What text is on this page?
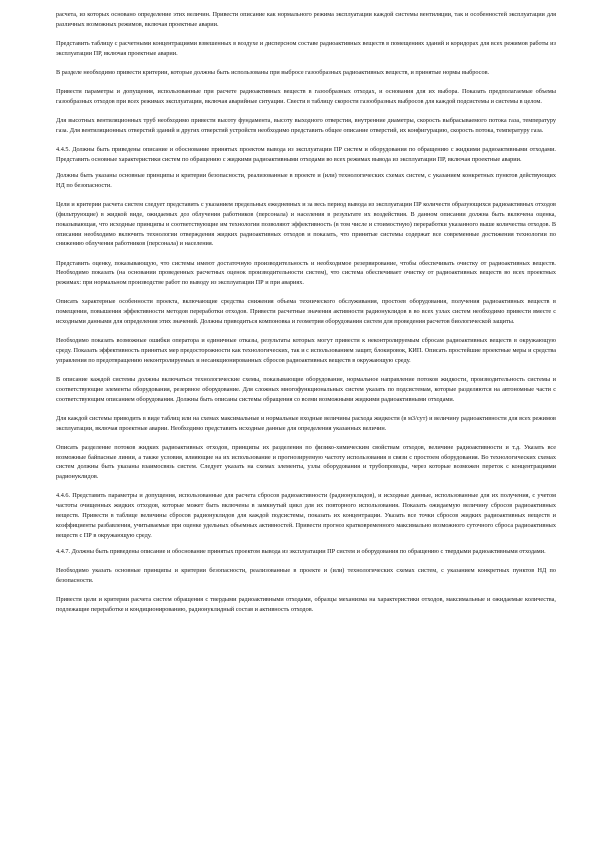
расчета, из которых основано определение этих величин. Привести описание как нормального режима эксплуатации каждой системы вентиляции, так и особенностей эксплуатации для различных возможных режимов, включая проектные аварии.

Представить таблицу с расчетными концентрациями взвешенных в воздухе и дисперсном составе радиоактивных веществ в помещениях зданий и коридорах для всех режимов работы из эксплуатации ПР, включая проектные аварии.

В разделе необходимо привести критерии, которые должны быть использованы при выбросе газообразных радиоактивных веществ, и принятые нормы выбросов.

Привести параметры и допущения, использованные при расчете радиоактивных веществ в газообразных отходах, и основания для их выбора. Показать предполагаемые объемы газообразных отходов при всех режимах эксплуатации, включая аварийные ситуации. Свести в таблицу скорости газообразных выбросов для каждой подсистемы и системы в целом.

Для высотных вентиляционных труб необходимо привести высоту фундамента, высоту выходного отверстия, внутренние диаметры, скорость выбрасываемого потока газа, температуру газа. Для вентиляционных отверстий зданий и других отверстий устройств необходимо представить общее описание отверстий, их конфигурацию, скорость потока, температуру газа.

4.4.5. Должны быть приведены описание и обоснование принятых проектом вывода из эксплуатации ПР систем и оборудования по обращению с жидкими радиоактивными отходами. Представить основные характеристики систем по обращению с жидкими радиоактивными отходами во всех режимах вывода из эксплуатации ПР, включая проектные аварии.

Должны быть указаны основные принципы и критерии безопасности, реализованные в проекте и (или) технологических схемах систем, с указанием конкретных пунктов действующих НД по безопасности.

Цели и критерии расчета систем следует представить с указанием предельных ежедневных и за весь период вывода из эксплуатации ПР количеств образующихся радиоактивных отходов (фильтрующие) в жидкой виде, ожидаемых доз облучения работников (персонала) и населения в результате их воздействия. В данном описании должна быть включена оценка, показывающая, что исходные принципы и соответствующие им технологии позволяют эффективность (в том числе и стоимостную) переработки указанного выше количества отходов. В описании необходимо включить технологии отверждения жидких радиоактивных отходов и показать, что принятые системы содержат все современные достижения технологии по снижению облучения работников (персонала) и населения.

Представить оценку, показывающую, что системы имеют достаточную производительность и необходимое резервирование, чтобы обеспечивать очистку от радиоактивных веществ. Необходимо показать (на основании проведенных расчетных оценок производительности систем), что система обеспечивает очистку от радиоактивных веществ во всех проектных режимах: при нормальном производстве работ по выводу из эксплуатации ПР и при авариях.

Описать характерные особенности проекта, включающие средства снижения объема технического обслуживания, простоев оборудования, получения радиоактивных веществ в помещении, повышения эффективности методов переработки отходов. Привести расчетные значения активности радионуклидов в во всех узлах систем необходимо привести вместе с исходными данными для определения этих значений. Должны приводиться компоновка и геометрия оборудования систем для проведения расчетов биологической защиты.

Необходимо показать возможные ошибки оператора и единичные отказы, результаты которых могут привести к неконтролируемым сбросам радиоактивных веществ в окружающую среду. Показать эффективность принятых мер предосторожности как технологических, так и с использованием защит, блокировок, КИП. Описать простейшие проектные меры и средства управления по предотвращению неконтролируемых и несанкционированных сбросов радиоактивных веществ в окружающую среду.

В описание каждой системы должны включаться технологические схемы, показывающие оборудование, нормальное направление потоков жидкости, производительность системы и соответствующие элементы оборудования, резервное оборудование. Для сложных многофункциональных систем указать по подсистемам, которые разделяются на автономные части с соответствующим описанием оборудования. Должны быть описаны системы обращения со всеми возможными жидкими радиоактивными отходами.

Для каждой системы приводить в виде таблиц или на схемах максимальные и нормальные входные величины расхода жидкости (в м3/сут) и величину радиоактивности для всех режимов эксплуатации, включая проектные аварии. Необходимо представить исходные данные для определения указанных величин.

Описать разделение потоков жидких радиоактивных отходов, принципы их разделения по физико-химическим свойствам отходов, величине радиоактивности и т.д. Указать все возможные байпасные линии, а также условия, влияющие на их использование и прогнозируемую частоту использования в связи с простоем оборудования. Во технологических схемах систем должны быть указаны взаимосвязь систем. Следует указать на схемах элементы, узлы оборудования и трубопроводы, через которые возможен переток с концентрациями радионуклидов.

4.4.6. Представить параметры и допущения, использованные для расчета сбросов радиоактивности (радионуклидов), и исходные данные, использованные для их получения, с учетом частоты очищенных жидких отходов, которые может быть включены в замкнутый цикл для их повторного использования. Показать ожидаемую величину сбросов радиоактивных веществ. Привести в таблице величины сбросов радионуклидов для каждой подсистемы, показать их концентрации. Указать все точки сбросов жидких радиоактивных веществ и коэффициенты разбавления, учитываемые при оценке удельных объемных активностей. Привести прогноз кратковременного максимально возможного суточного сброса радиоактивных веществ с ПР в окружающую среду.

4.4.7. Должны быть приведены описание и обоснование принятых проектом вывода из эксплуатации ПР систем и оборудования по обращению с твердыми радиоактивными отходами.

Необходимо указать основные принципы и критерии безопасности, реализованные в проекте и (или) технологических схемах систем, с указанием конкретных пунктов НД по безопасности.

Привести цели и критерии расчета систем обращения с твердыми радиоактивными отходами, образцы механизма на характеристики отходов, максимальные и ожидаемые количества, подлежащие переработке и кондиционированию, радионуклидный состав и активность отходов.
